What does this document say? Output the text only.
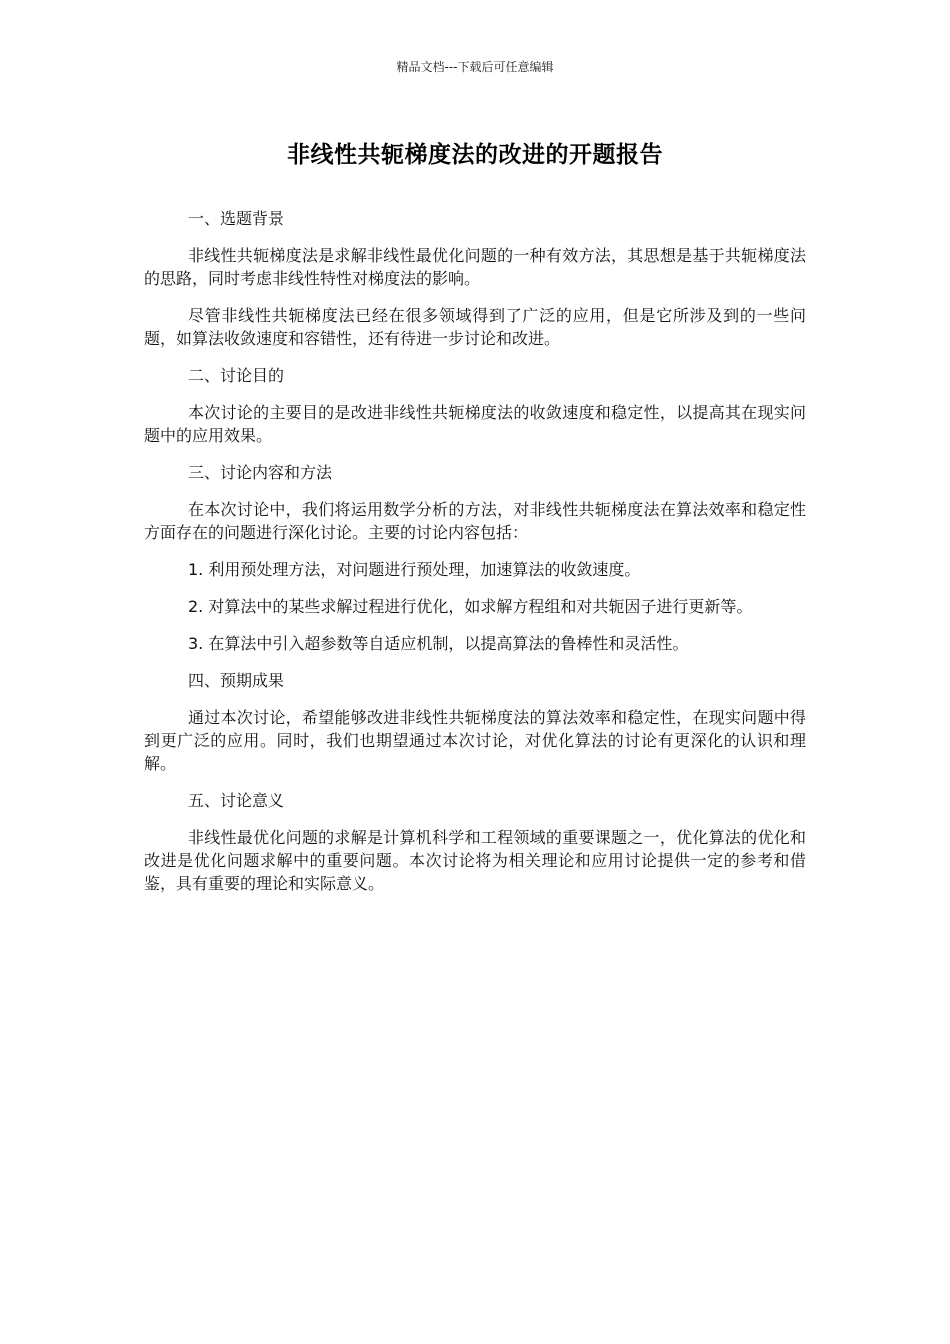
精品文档---下载后可任意编辑
非线性共轭梯度法的改进的开题报告

一、选题背景

非线性共轭梯度法是求解非线性最优化问题的一种有效方法，其思想是基于共轭梯度法的思路，同时考虑非线性特性对梯度法的影响。

尽管非线性共轭梯度法已经在很多领域得到了广泛的应用，但是它所涉及到的一些问题，如算法收敛速度和容错性，还有待进一步讨论和改进。

二、讨论目的

本次讨论的主要目的是改进非线性共轭梯度法的收敛速度和稳定性，以提高其在现实问题中的应用效果。

三、讨论内容和方法

在本次讨论中，我们将运用数学分析的方法，对非线性共轭梯度法在算法效率和稳定性方面存在的问题进行深化讨论。主要的讨论内容包括：

1. 利用预处理方法，对问题进行预处理，加速算法的收敛速度。

2. 对算法中的某些求解过程进行优化，如求解方程组和对共轭因子进行更新等。

3. 在算法中引入超参数等自适应机制，以提高算法的鲁棒性和灵活性。

四、预期成果

通过本次讨论，希望能够改进非线性共轭梯度法的算法效率和稳定性，在现实问题中得到更广泛的应用。同时，我们也期望通过本次讨论，对优化算法的讨论有更深化的认识和理解。

五、讨论意义

非线性最优化问题的求解是计算机科学和工程领域的重要课题之一，优化算法的优化和改进是优化问题求解中的重要问题。本次讨论将为相关理论和应用讨论提供一定的参考和借鉴，具有重要的理论和实际意义。
